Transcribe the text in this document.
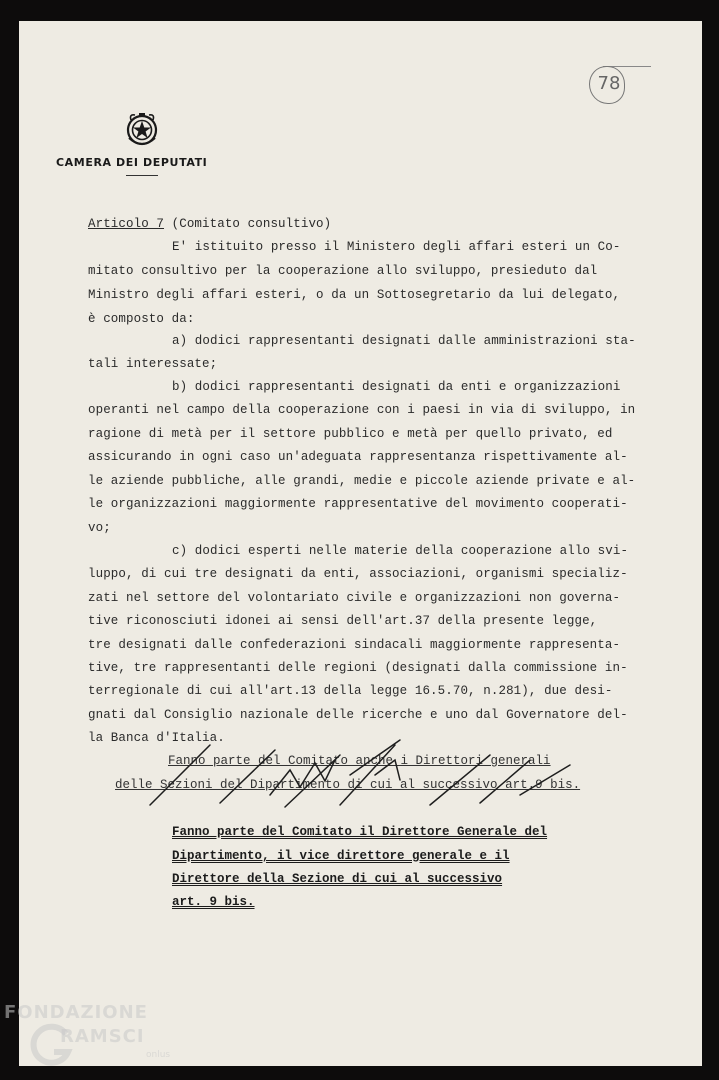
78
CAMERA DEI DEPUTATI
Articolo 7 (Comitato consultivo)
E' istituito presso il Ministero degli affari esteri un Co-
mitato consultivo per la cooperazione allo sviluppo, presieduto dal
Ministro degli affari esteri, o da un Sottosegretario da lui delegato,
è composto da:
a) dodici rappresentanti designati dalle amministrazioni sta-
tali interessate;
b) dodici rappresentanti designati da enti e organizzazioni
operanti nel campo della cooperazione con i paesi in via di sviluppo, in
ragione di metà per il settore pubblico e metà per quello privato, ed
assicurando in ogni caso un'adeguata rappresentanza rispettivamente al-
le aziende pubbliche, alle grandi, medie e piccole aziende private e al-
le organizzazioni maggiormente rappresentative del movimento cooperati-
vo;
c) dodici esperti nelle materie della cooperazione allo svi-
luppo, di cui tre designati da enti, associazioni, organismi specializ-
zati nel settore del volontariato civile e organizzazioni non governa-
tive riconosciuti idonei ai sensi dell'art.37 della presente legge,
tre designati dalle confederazioni sindacali maggiormente rappresenta-
tive, tre rappresentanti delle regioni (designati dalla commissione in-
terregionale di cui all'art.13 della legge 16.5.70, n.281), due desi-
gnati dal Consiglio nazionale delle ricerche e uno dal Governatore del-
la Banca d'Italia.
Fanno parte del Comitato anche i Direttori generali
delle Sezioni del Dipartimento di cui al successivo art.9 bis.
Fanno parte del Comitato il Direttore Generale del
Dipartimento, il vice direttore generale e il
Direttore della Sezione di cui al successivo
art. 9 bis.
FONDAZIONE
RAMSCI
onlus
